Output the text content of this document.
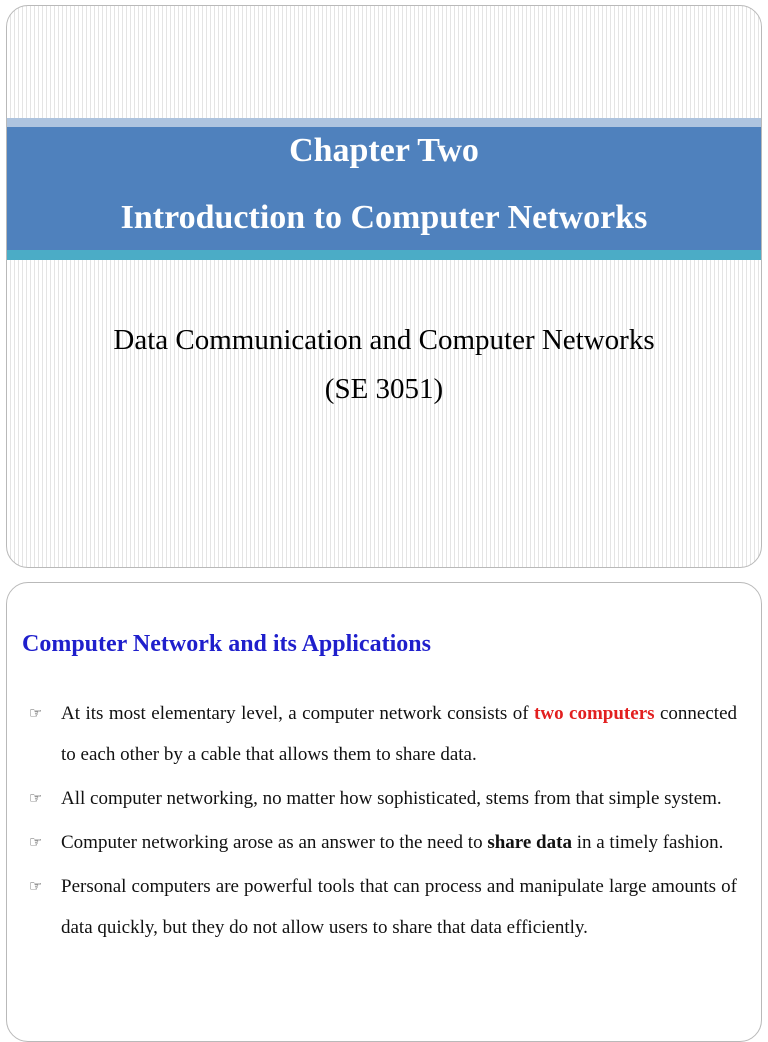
Chapter Two
Introduction to Computer Networks

Data Communication and Computer Networks

(SE 3051)

Computer Network and its Applications
☞ At its most elementary level, a computer network consists of two computers connected to each other by a cable that allows them to share data.
☞ All computer networking, no matter how sophisticated, stems from that simple system.
☞ Computer networking arose as an answer to the need to share data in a timely fashion.
☞ Personal computers are powerful tools that can process and manipulate large amounts of data quickly, but they do not allow users to share that data efficiently.
